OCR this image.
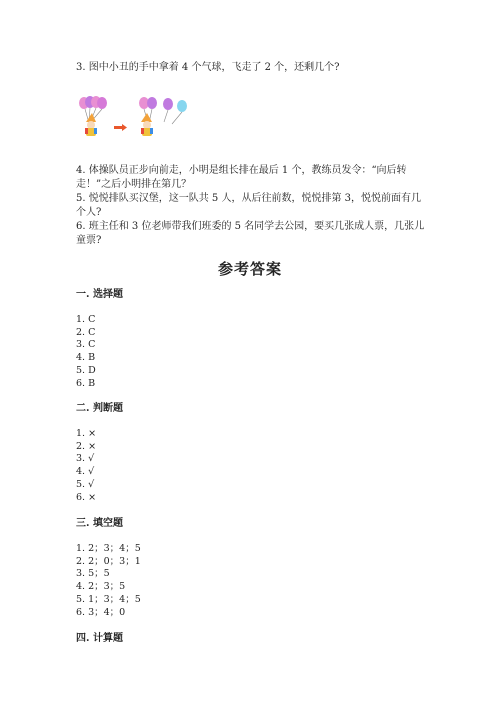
3. 图中小丑的手中拿着 4 个气球，飞走了 2 个，还剩几个?
4. 体操队员正步向前走，小明是组长排在最后 1 个，教练员发令：“向后转
走！”之后小明排在第几？
5. 悦悦排队买汉堡，这一队共 5 人，从后往前数，悦悦排第 3，悦悦前面有几
个人?
6. 班主任和 3 位老师带我们班委的 5 名同学去公园，要买几张成人票，几张儿
童票?
参考答案
一. 选择题
1. C
2. C
3. C
4. B
5. D
6. B
二. 判断题
1. ×
2. ×
3. √
4. √
5. √
6. ×
三. 填空题
1. 2；3；4；5
2. 2；0；3；1
3. 5；5
4. 2；3；5
5. 1；3；4；5
6. 3；4；0
四. 计算题
